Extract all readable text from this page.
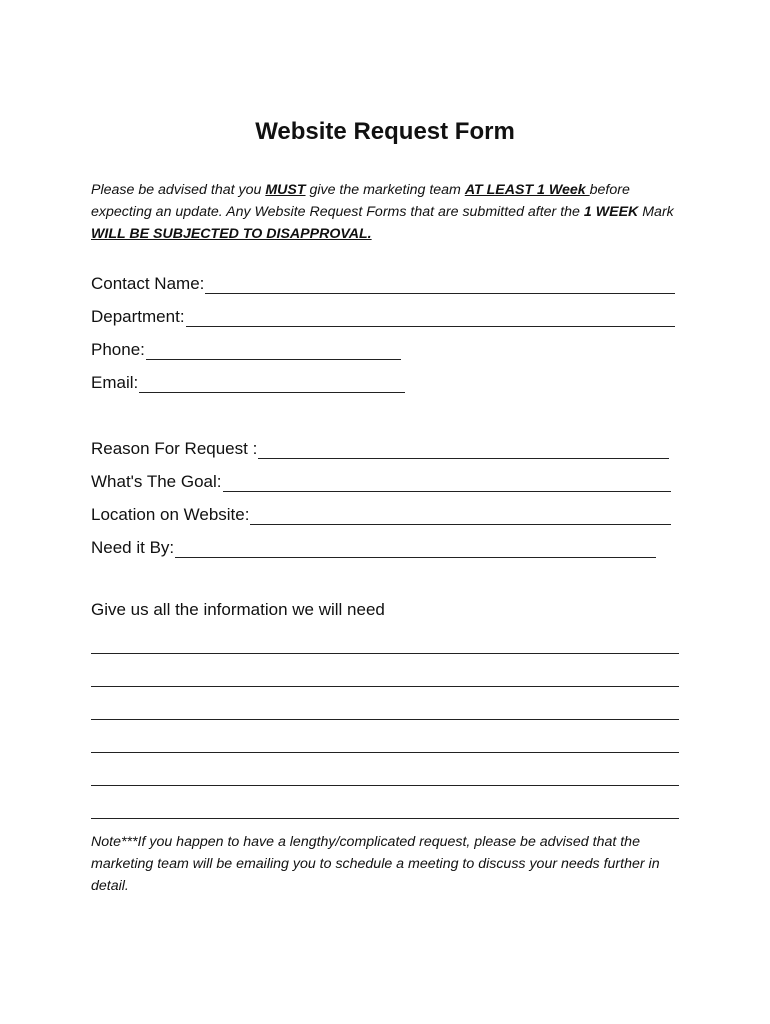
Website Request Form

Please be advised that you MUST give the marketing team AT LEAST 1 Week before expecting an update. Any Website Request Forms that are submitted after the 1 WEEK Mark WILL BE SUBJECTED TO DISAPPROVAL.

Contact Name:
Department:
Phone:
Email:
Reason For Request :
What's The Goal:
Location on Website:
Need it By:

Give us all the information we will need

Note***If you happen to have a lengthy/complicated request, please be advised that the marketing team will be emailing you to schedule a meeting to discuss your needs further in detail.
